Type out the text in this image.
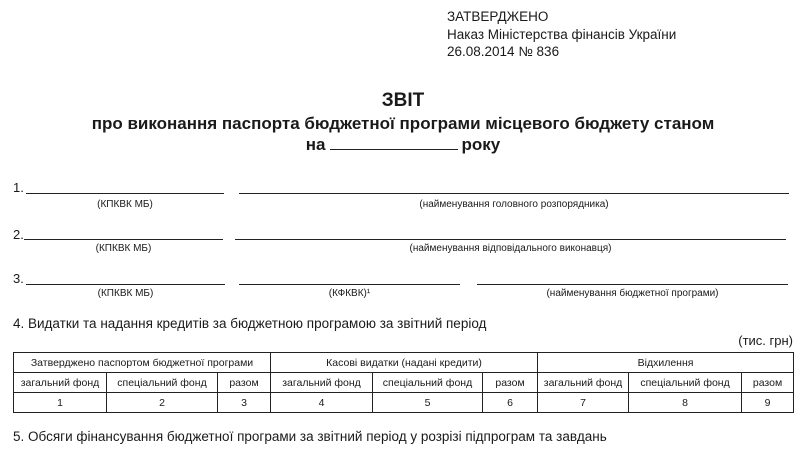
ЗАТВЕРДЖЕНО
Наказ Міністерства фінансів України
26.08.2014 № 836
ЗВІТ
про виконання паспорта бюджетної програми місцевого бюджету станом
на	року
1.
(КПКВК МБ)	(найменування головного розпорядника)
2.
(КПКВК МБ)	(найменування відповідального виконавця)
3.
(КПКВК МБ)	(КФКВК)¹	(найменування бюджетної програми)
4. Видатки та надання кредитів за бюджетною програмою за звітний період
(тис. грн)
Затверджено паспортом бюджетної програми			Касові видатки (надані кредити)			Відхилення		
загальний фонд	спеціальний фонд	разом	загальний фонд	спеціальний фонд	разом	загальний фонд	спеціальний фонд	разом
1	2	3	4	5	6	7	8	9
5. Обсяги фінансування бюджетної програми за звітний період у розрізі підпрограм та завдань
